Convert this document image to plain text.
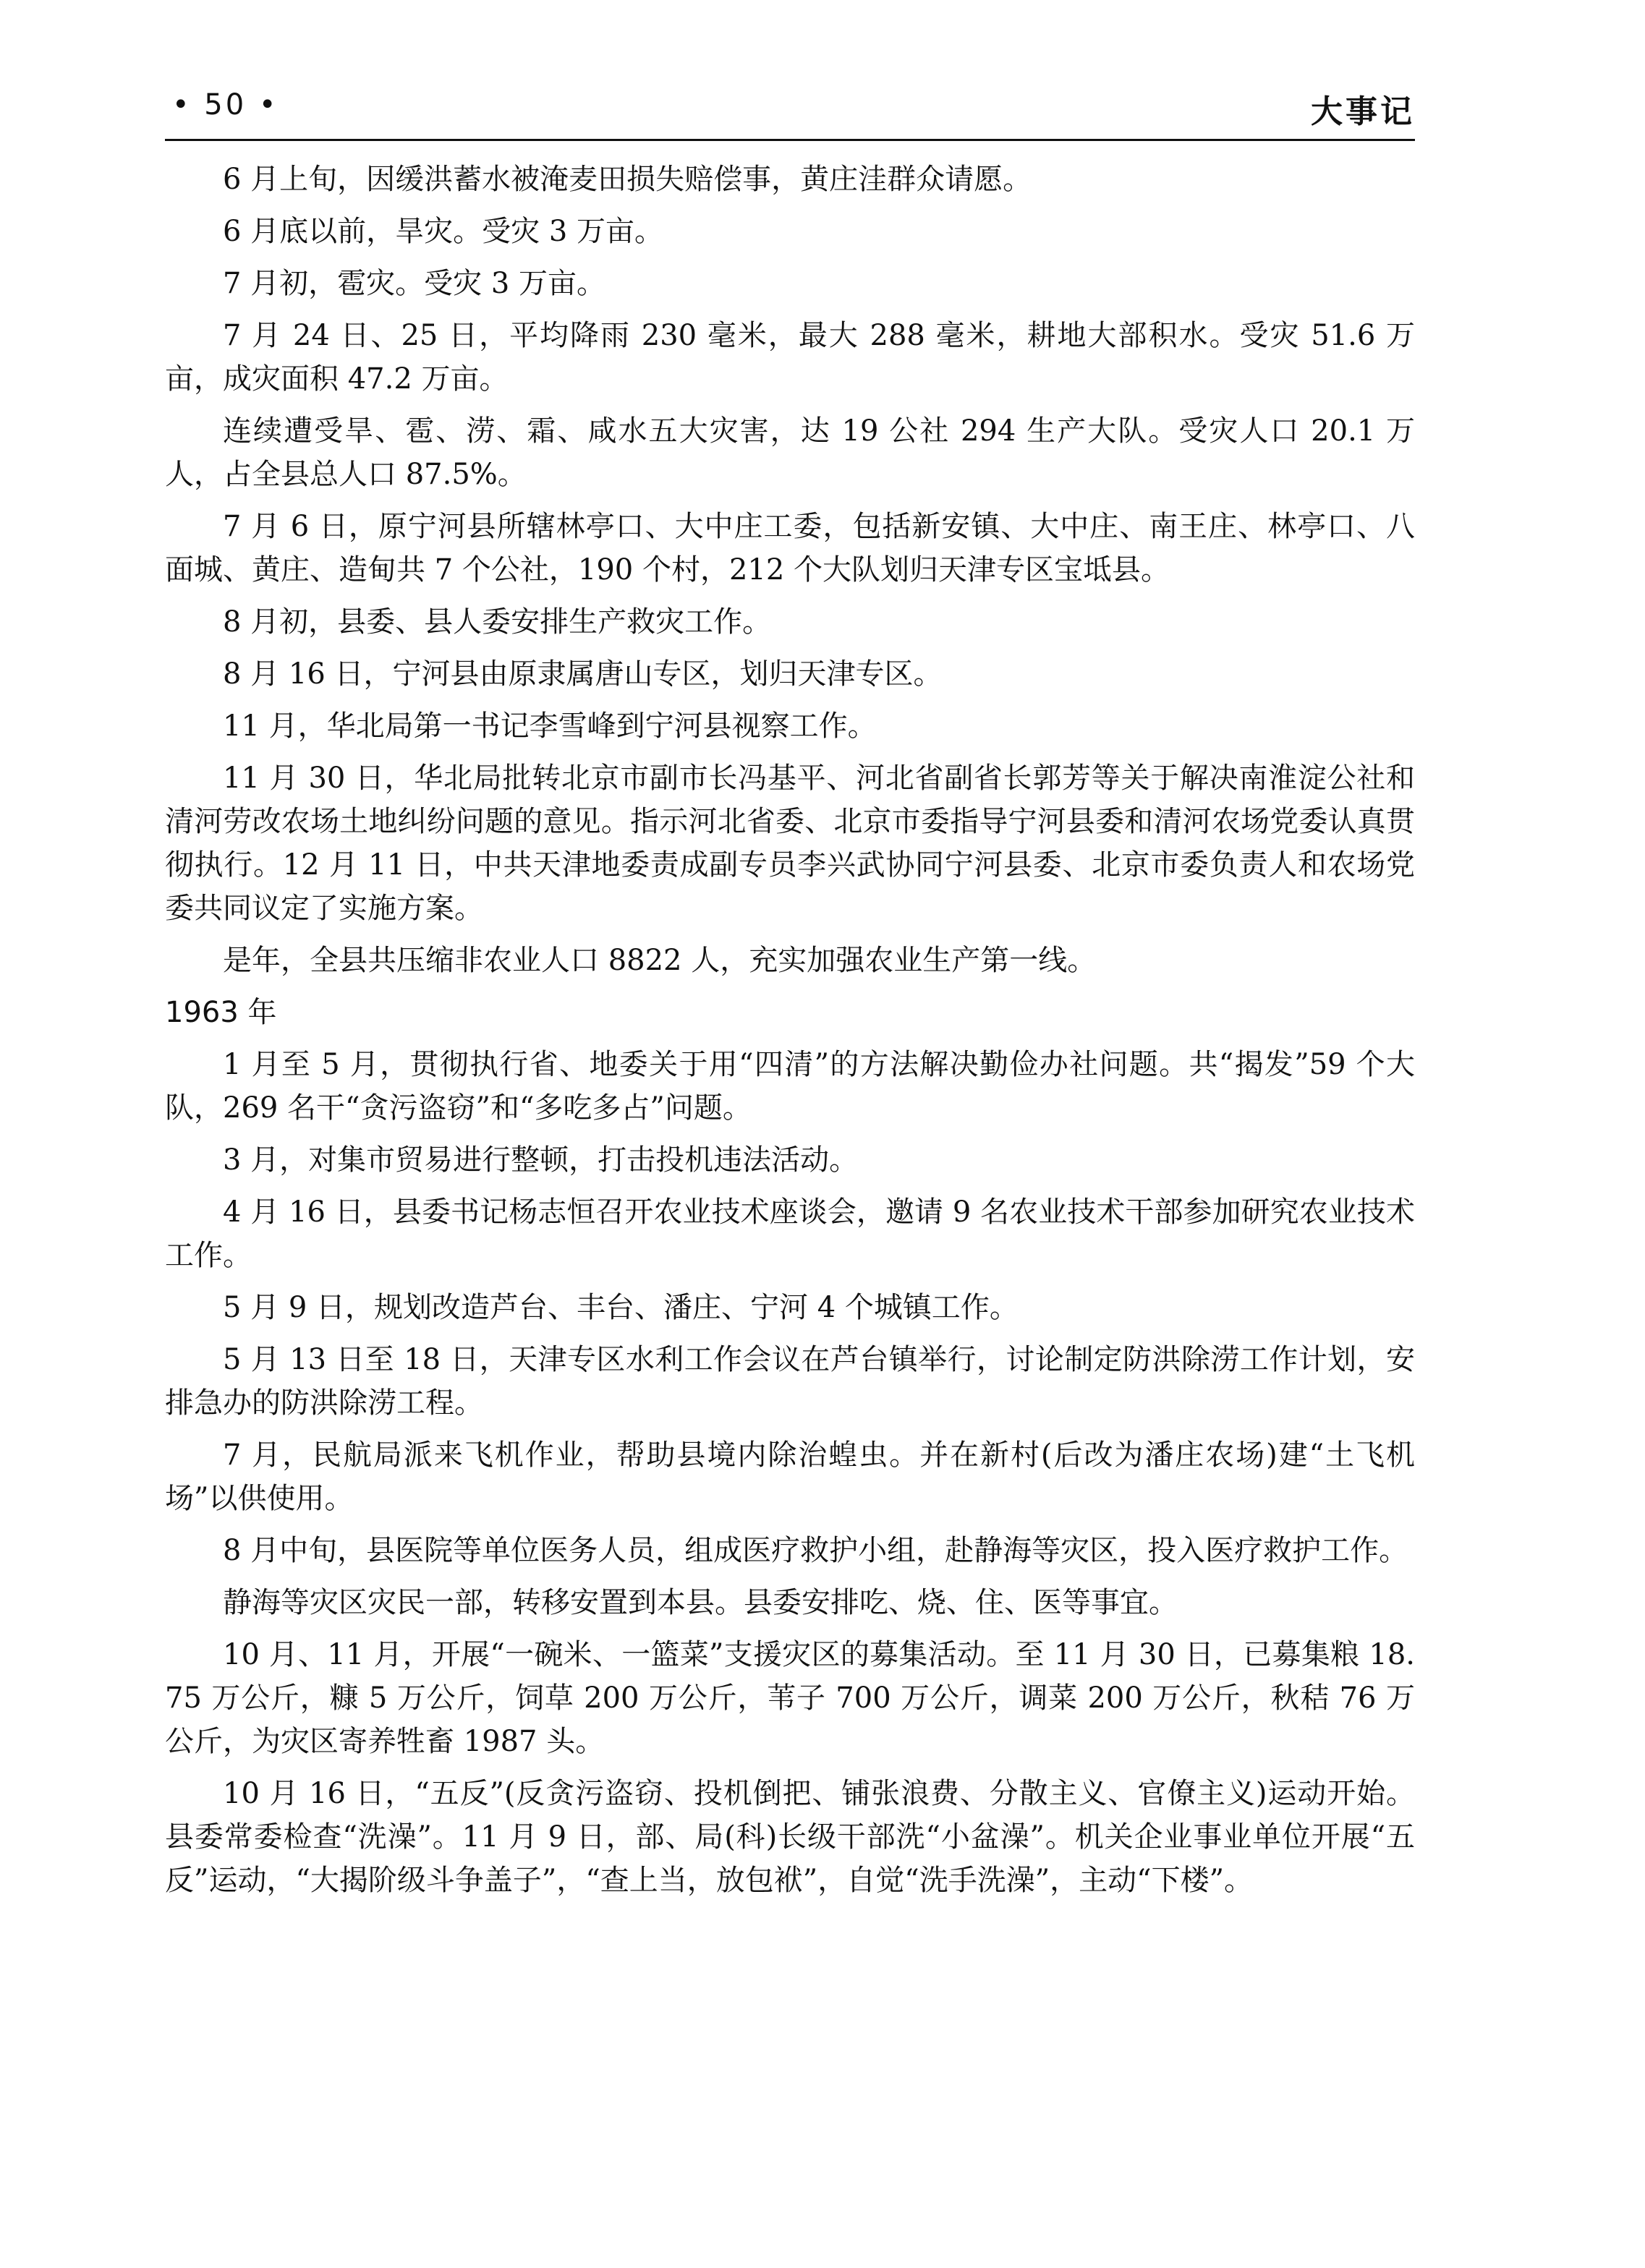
• 50 •	大事记

6 月上旬，因缓洪蓄水被淹麦田损失赔偿事，黄庄洼群众请愿。

6 月底以前，旱灾。受灾 3 万亩。

7 月初，雹灾。受灾 3 万亩。

7 月 24 日、25 日，平均降雨 230 毫米，最大 288 毫米，耕地大部积水。受灾 51.6 万亩，成灾面积 47.2 万亩。

连续遭受旱、雹、涝、霜、咸水五大灾害，达 19 公社 294 生产大队。受灾人口 20.1 万人，占全县总人口 87.5%。

7 月 6 日，原宁河县所辖林亭口、大中庄工委，包括新安镇、大中庄、南王庄、林亭口、八面城、黄庄、造甸共 7 个公社，190 个村，212 个大队划归天津专区宝坻县。

8 月初，县委、县人委安排生产救灾工作。

8 月 16 日，宁河县由原隶属唐山专区，划归天津专区。

11 月，华北局第一书记李雪峰到宁河县视察工作。

11 月 30 日，华北局批转北京市副市长冯基平、河北省副省长郭芳等关于解决南淮淀公社和清河劳改农场土地纠纷问题的意见。指示河北省委、北京市委指导宁河县委和清河农场党委认真贯彻执行。12 月 11 日，中共天津地委责成副专员李兴武协同宁河县委、北京市委负责人和农场党委共同议定了实施方案。

是年，全县共压缩非农业人口 8822 人，充实加强农业生产第一线。

1963 年

1 月至 5 月，贯彻执行省、地委关于用“四清”的方法解决勤俭办社问题。共“揭发”59 个大队，269 名干“贪污盗窃”和“多吃多占”问题。

3 月，对集市贸易进行整顿，打击投机违法活动。

4 月 16 日，县委书记杨志恒召开农业技术座谈会，邀请 9 名农业技术干部参加研究农业技术工作。

5 月 9 日，规划改造芦台、丰台、潘庄、宁河 4 个城镇工作。

5 月 13 日至 18 日，天津专区水利工作会议在芦台镇举行，讨论制定防洪除涝工作计划，安排急办的防洪除涝工程。

7 月，民航局派来飞机作业，帮助县境内除治蝗虫。并在新村(后改为潘庄农场)建“土飞机场”以供使用。

8 月中旬，县医院等单位医务人员，组成医疗救护小组，赴静海等灾区，投入医疗救护工作。

静海等灾区灾民一部，转移安置到本县。县委安排吃、烧、住、医等事宜。

10 月、11 月，开展“一碗米、一篮菜”支援灾区的募集活动。至 11 月 30 日，已募集粮 18.75 万公斤，糠 5 万公斤，饲草 200 万公斤，苇子 700 万公斤，调菜 200 万公斤，秋秸 76 万公斤，为灾区寄养牲畜 1987 头。

10 月 16 日，“五反”(反贪污盗窃、投机倒把、铺张浪费、分散主义、官僚主义)运动开始。县委常委检查“洗澡”。11 月 9 日，部、局(科)长级干部洗“小盆澡”。机关企业事业单位开展“五反”运动，“大揭阶级斗争盖子”，“查上当，放包袱”，自觉“洗手洗澡”，主动“下楼”。
